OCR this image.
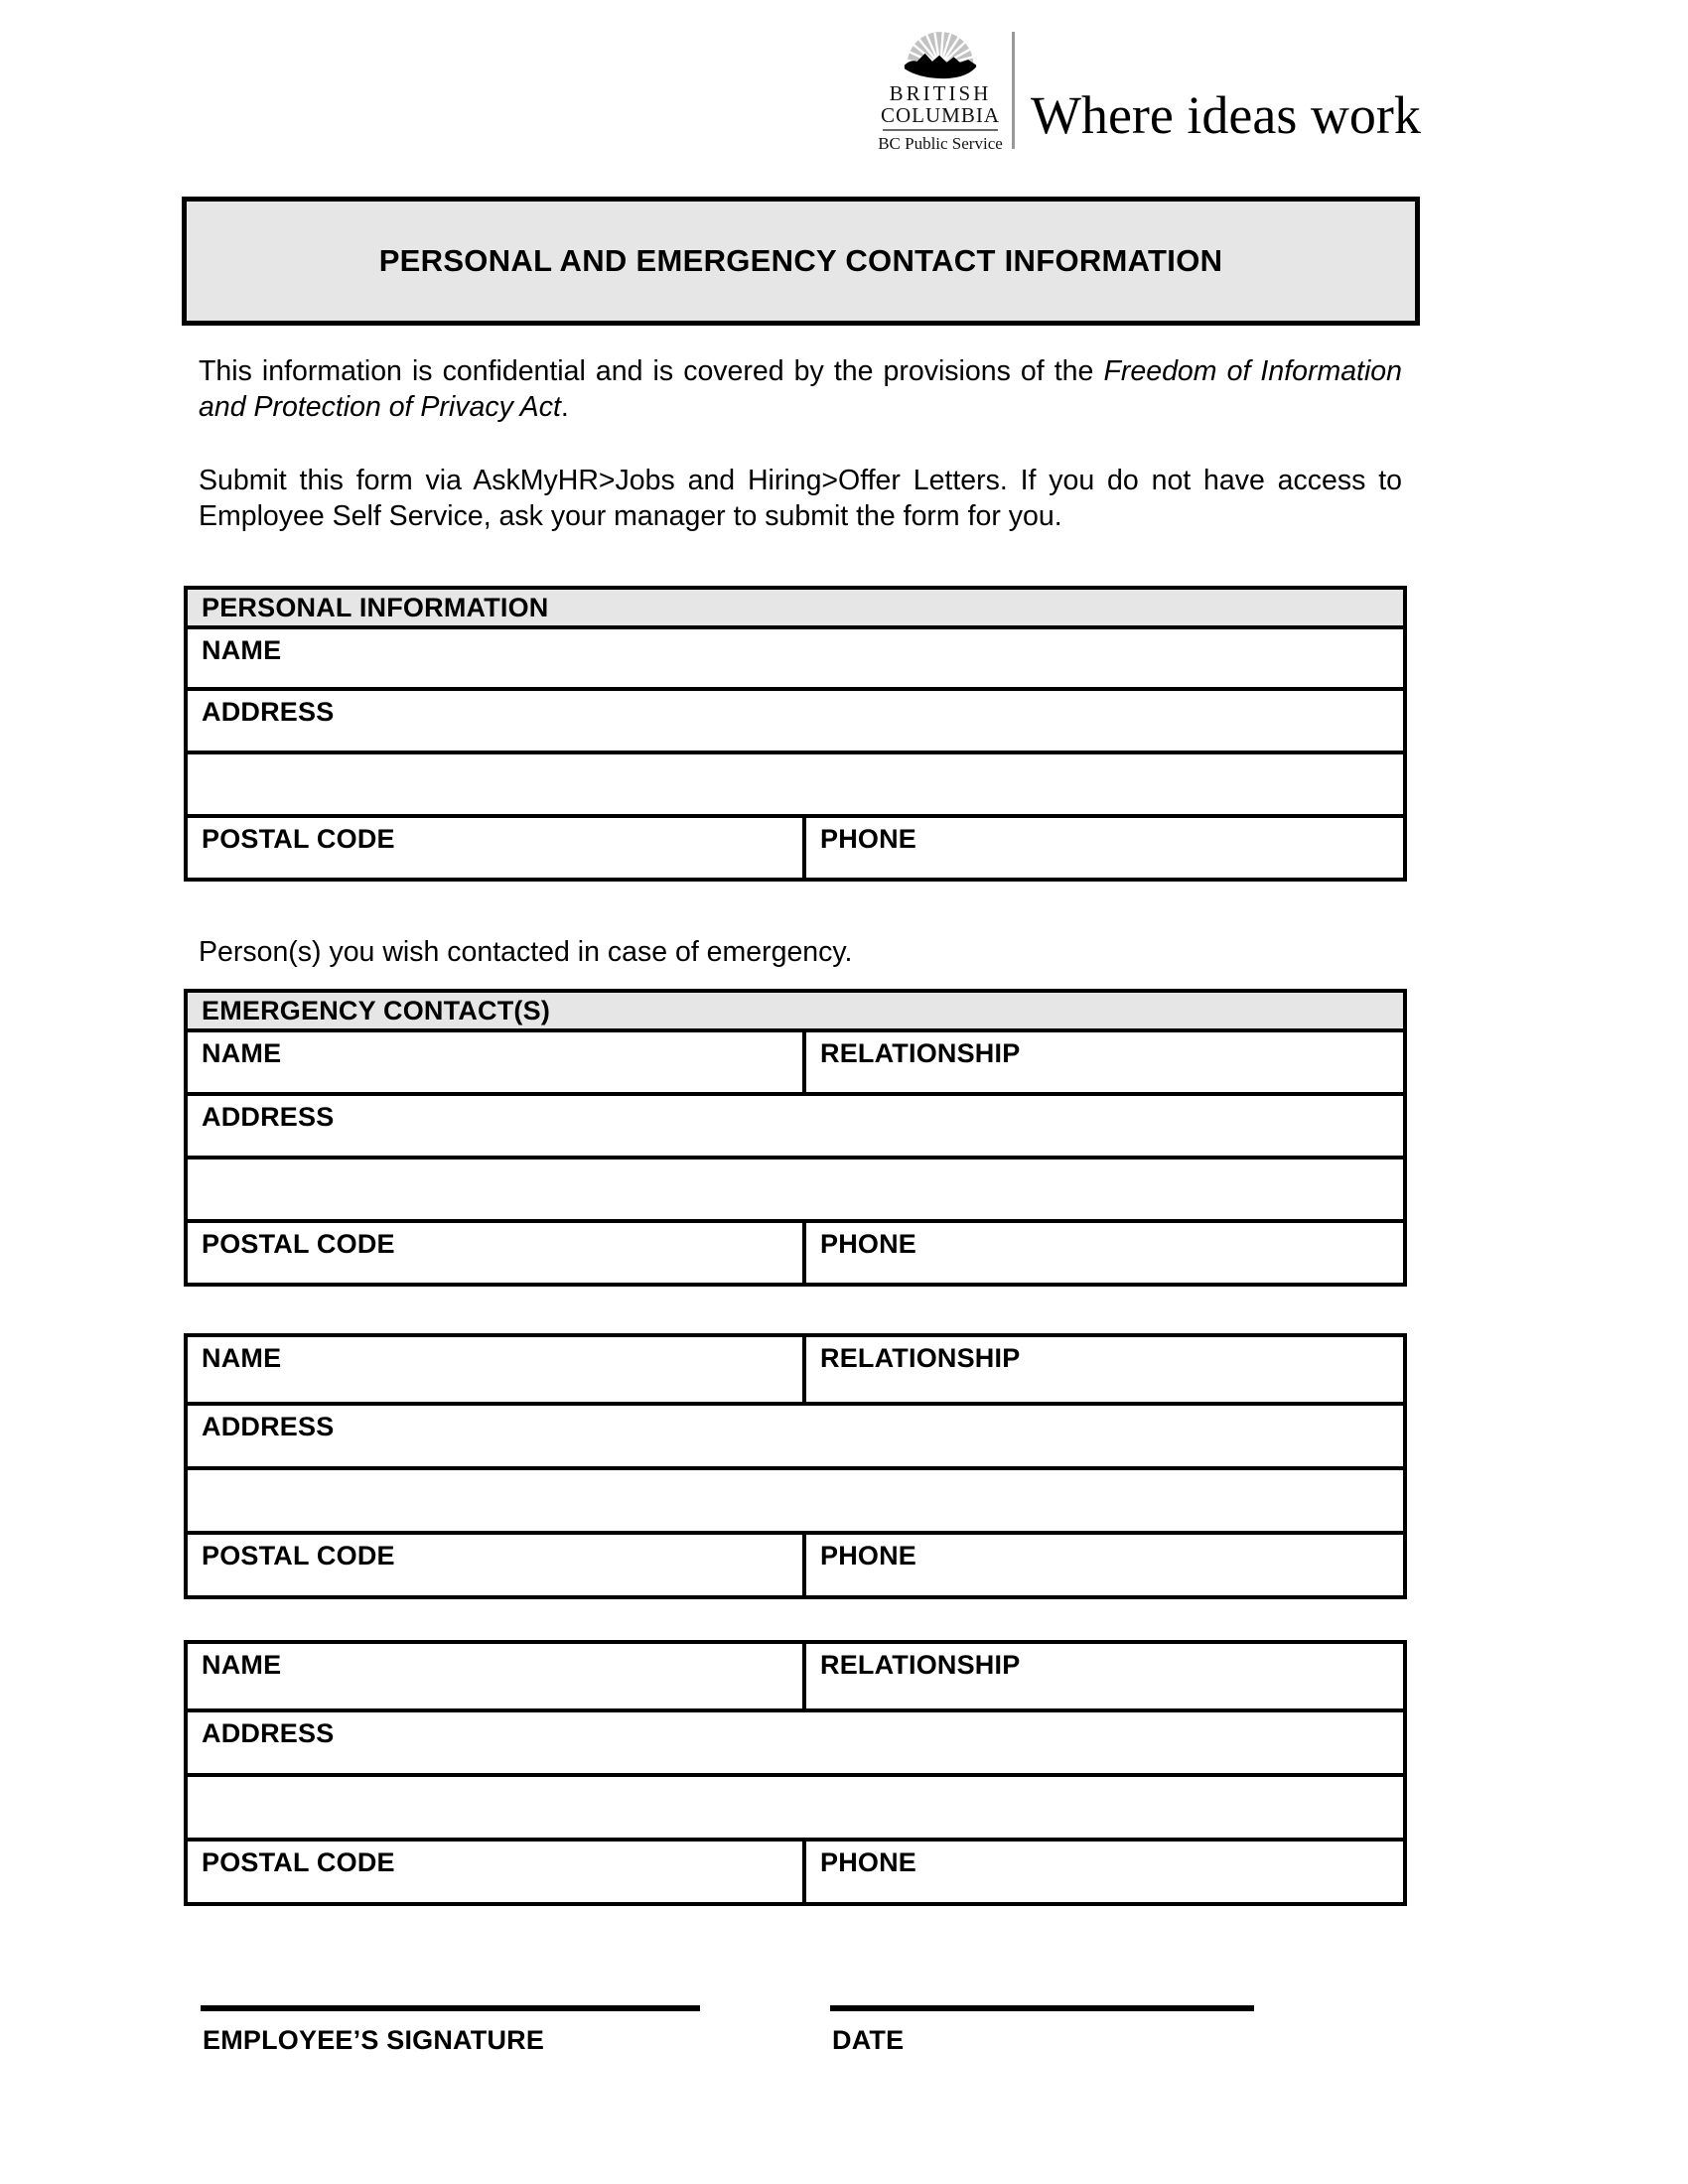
BRITISH
COLUMBIA
BC Public Service Where ideas work
PERSONAL AND EMERGENCY CONTACT INFORMATION

This information is confidential and is covered by the provisions of the Freedom of Information and Protection of Privacy Act.

Submit this form via AskMyHR>Jobs and Hiring>Offer Letters. If you do not have access to Employee Self Service, ask your manager to submit the form for you.

PERSONAL INFORMATION
NAME
ADDRESS
POSTAL CODE	PHONE

Person(s) you wish contacted in case of emergency.

EMERGENCY CONTACT(S)
NAME	RELATIONSHIP
ADDRESS
POSTAL CODE	PHONE
NAME	RELATIONSHIP
ADDRESS
POSTAL CODE	PHONE
NAME	RELATIONSHIP
ADDRESS
POSTAL CODE	PHONE
EMPLOYEE’S SIGNATURE	DATE
